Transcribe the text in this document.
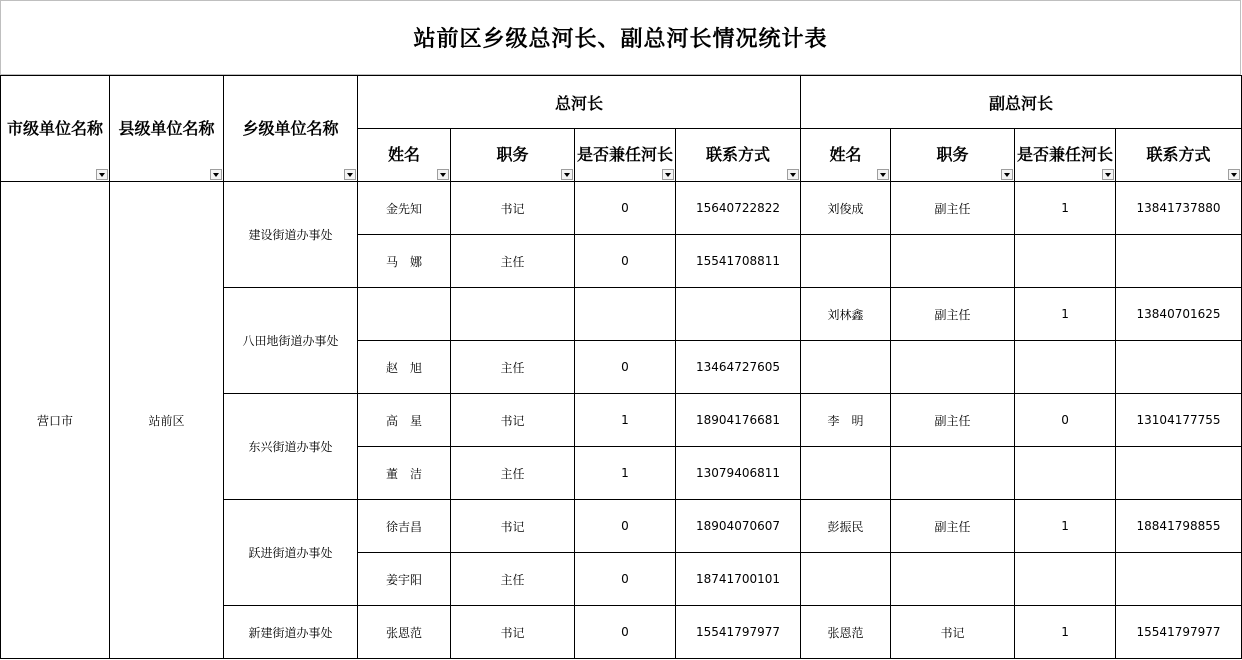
站前区乡级总河长、副总河长情况统计表
市级单位名称	县级单位名称	乡级单位名称	总河长				副总河长			
			姓名	职务	是否兼任河长	联系方式	姓名	职务	是否兼任河长	联系方式

营口市	站前区	建设街道办事处	金先知	书记	0	15640722822	刘俊成	副主任	1	13841737880
			马　娜	主任	0	15541708811				
		八田地街道办事处					刘林鑫	副主任	1	13840701625
			赵　旭	主任	0	13464727605				
		东兴街道办事处	高　星	书记	1	18904176681	李　明	副主任	0	13104177755
			董　洁	主任	1	13079406811				
		跃进街道办事处	徐吉昌	书记	0	18904070607	彭振民	副主任	1	18841798855
			姜宇阳	主任	0	18741700101				
		新建街道办事处	张恩范	书记	0	15541797977	张恩范	书记	1	15541797977
